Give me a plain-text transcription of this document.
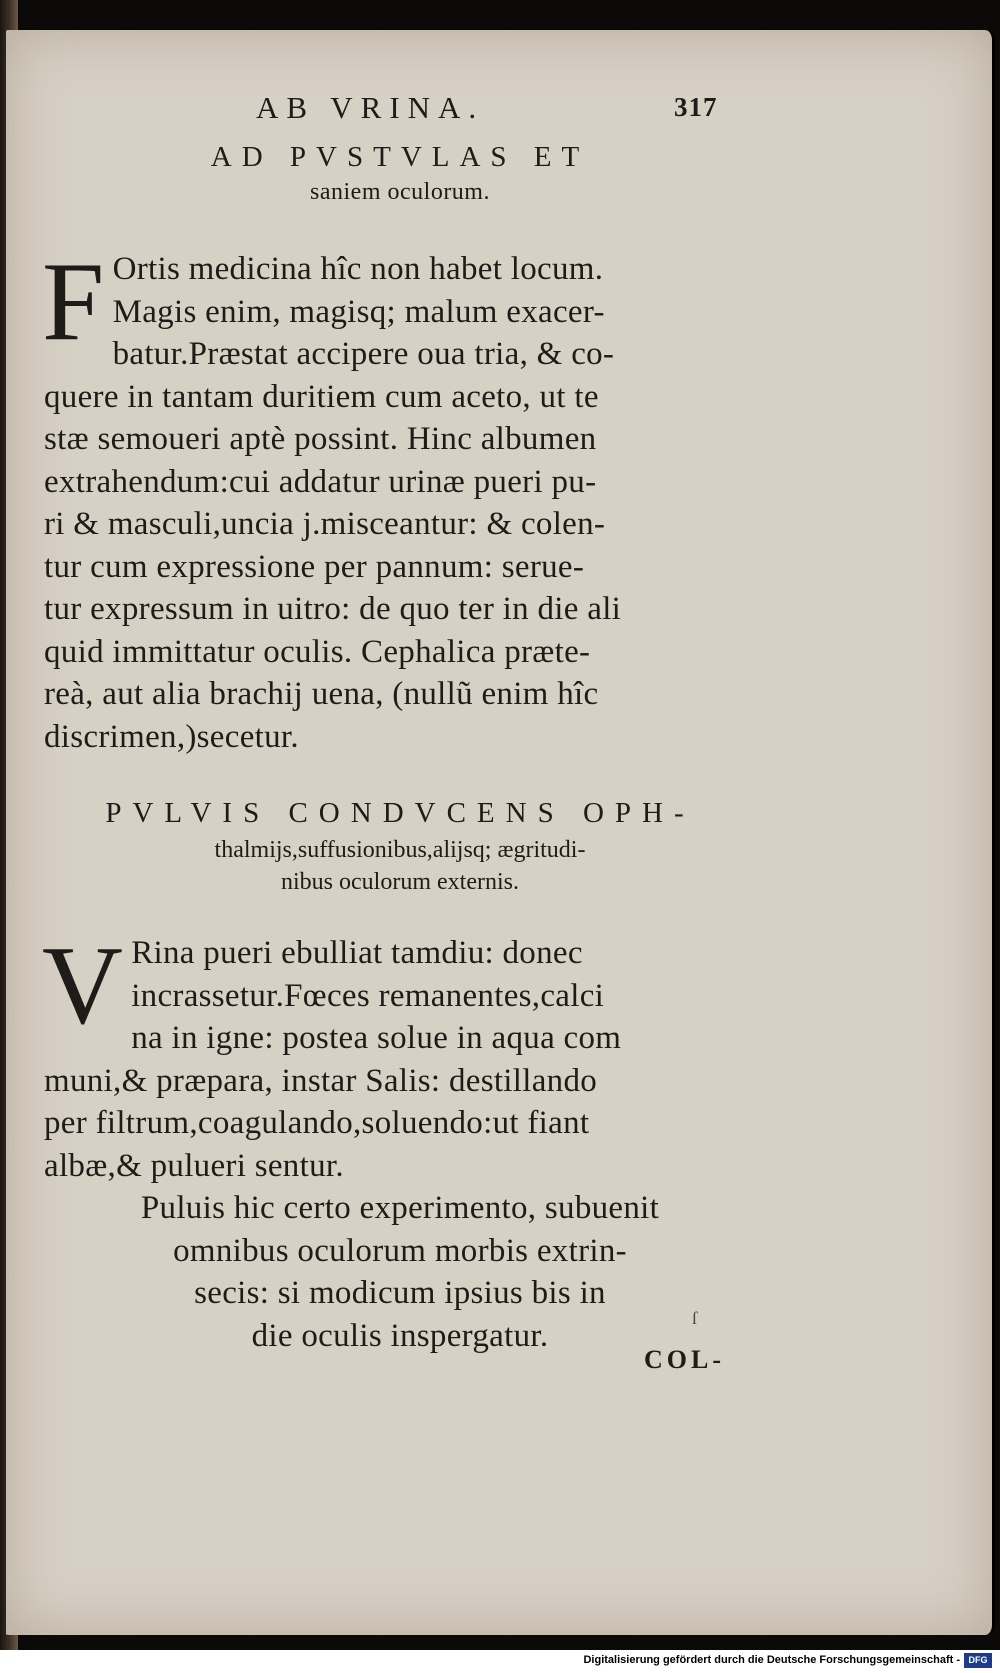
AB VRINA.	317
AD PVSTVLAS ET
saniem oculorum.
F Ortis medicina hîc non habet locum.
Magis enim, magisq; malum exacer-
batur.Præstat accipere oua tria, & co-
quere in tantam duritiem cum aceto, ut te
stæ semoueri aptè possint. Hinc albumen
extrahendum:cui addatur urinæ pueri pu-
ri & masculi,uncia j.misceantur: & colen-
tur cum expressione per pannum: serue-
tur expressum in uitro: de quo ter in die ali
quid immittatur oculis. Cephalica præte-
reà, aut alia brachij uena, (nullũ enim hîc
discrimen,)secetur.
PVLVIS CONDVCENS OPH-
thalmijs,suffusionibus,alijsq; ægritudi-
nibus oculorum externis.
V Rina pueri ebulliat tamdiu: donec
incrassetur.Fœces remanentes,calci
na in igne: postea solue in aqua com
muni,& præpara, instar Salis: destillando
per filtrum,coagulando,soluendo:ut fiant
albæ,& pulueri sentur.
Puluis hic certo experimento, subuenit
omnibus oculorum morbis extrin-
secis: si modicum ipsius bis in
die oculis inspergatur.	ſ
COL-
Digitalisierung gefördert durch die Deutsche Forschungsgemeinschaft - DFG
